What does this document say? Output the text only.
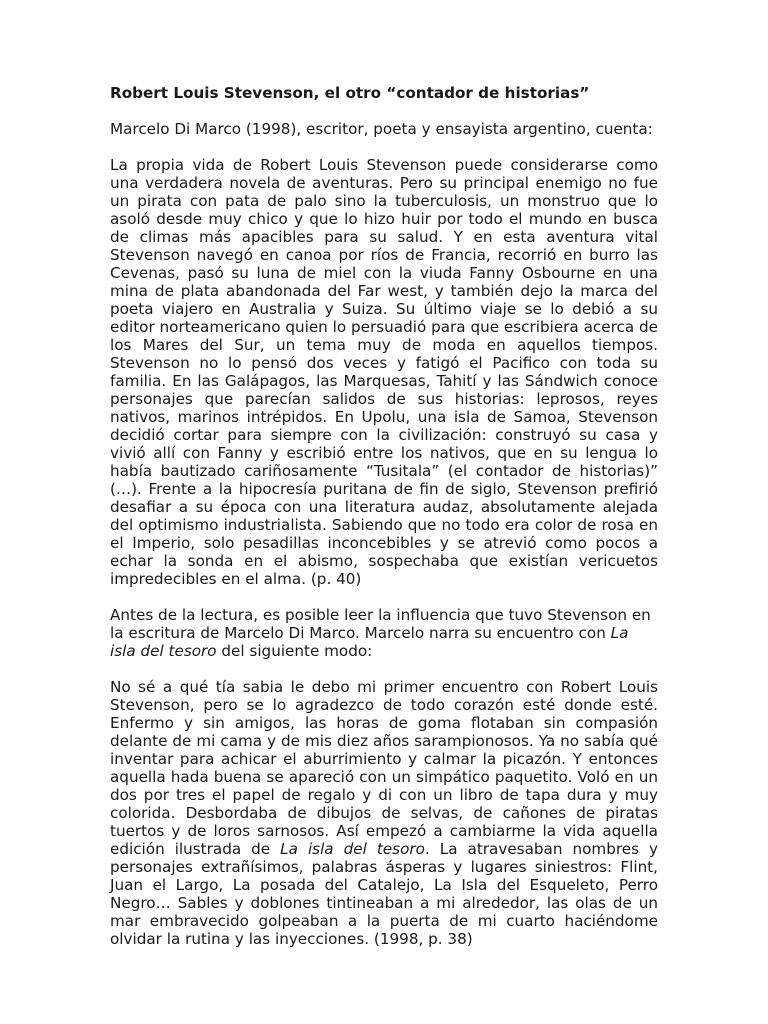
Robert Louis Stevenson, el otro “contador de historias”

Marcelo Di Marco (1998), escritor, poeta y ensayista argentino, cuenta:

La propia vida de Robert Louis Stevenson puede considerarse como una verdadera novela de aventuras. Pero su principal enemigo no fue un pirata con pata de palo sino la tuberculosis, un monstruo que lo asoló desde muy chico y que lo hizo huir por todo el mundo en busca de climas más apacibles para su salud. Y en esta aventura vital Stevenson navegó en canoa por ríos de Francia, recorrió en burro las Cevenas, pasó su luna de miel con la viuda Fanny Osbourne en una mina de plata abandonada del Far west, y también dejo la marca del poeta viajero en Australia y Suiza. Su último viaje se lo debió a su editor norteamericano quien lo persuadió para que escribiera acerca de los Mares del Sur, un tema muy de moda en aquellos tiempos. Stevenson no lo pensó dos veces y fatigó el Pacifico con toda su familia. En las Galápagos, las Marquesas, Tahití y las Sándwich conoce personajes que parecían salidos de sus historias: leprosos, reyes nativos, marinos intrépidos. En Upolu, una isla de Samoa, Stevenson decidió cortar para siempre con la civilización: construyó su casa y vivió allí con Fanny y escribió entre los nativos, que en su lengua lo había bautizado cariñosamente “Tusitala” (el contador de historias)” (…). Frente a la hipocresía puritana de fin de siglo, Stevenson prefirió desafiar a su época con una literatura audaz, absolutamente alejada del optimismo industrialista. Sabiendo que no todo era color de rosa en el Imperio, solo pesadillas inconcebibles y se atrevió como pocos a echar la sonda en el abismo, sospechaba que existían vericuetos impredecibles en el alma. (p. 40)

Antes de la lectura, es posible leer la influencia que tuvo Stevenson en la escritura de Marcelo Di Marco. Marcelo narra su encuentro con La isla del tesoro del siguiente modo:

No sé a qué tía sabia le debo mi primer encuentro con Robert Louis Stevenson, pero se lo agradezco de todo corazón esté donde esté. Enfermo y sin amigos, las horas de goma flotaban sin compasión delante de mi cama y de mis diez años sarampionosos. Ya no sabía qué inventar para achicar el aburrimiento y calmar la picazón. Y entonces aquella hada buena se apareció con un simpático paquetito. Voló en un dos por tres el papel de regalo y di con un libro de tapa dura y muy colorida. Desbordaba de dibujos de selvas, de cañones de piratas tuertos y de loros sarnosos. Así empezó a cambiarme la vida aquella edición ilustrada de La isla del tesoro. La atravesaban nombres y personajes extrañísimos, palabras ásperas y lugares siniestros: Flint, Juan el Largo, La posada del Catalejo, La Isla del Esqueleto, Perro Negro… Sables y doblones tintineaban a mi alrededor, las olas de un mar embravecido golpeaban a la puerta de mi cuarto haciéndome olvidar la rutina y las inyecciones. (1998, p. 38)
